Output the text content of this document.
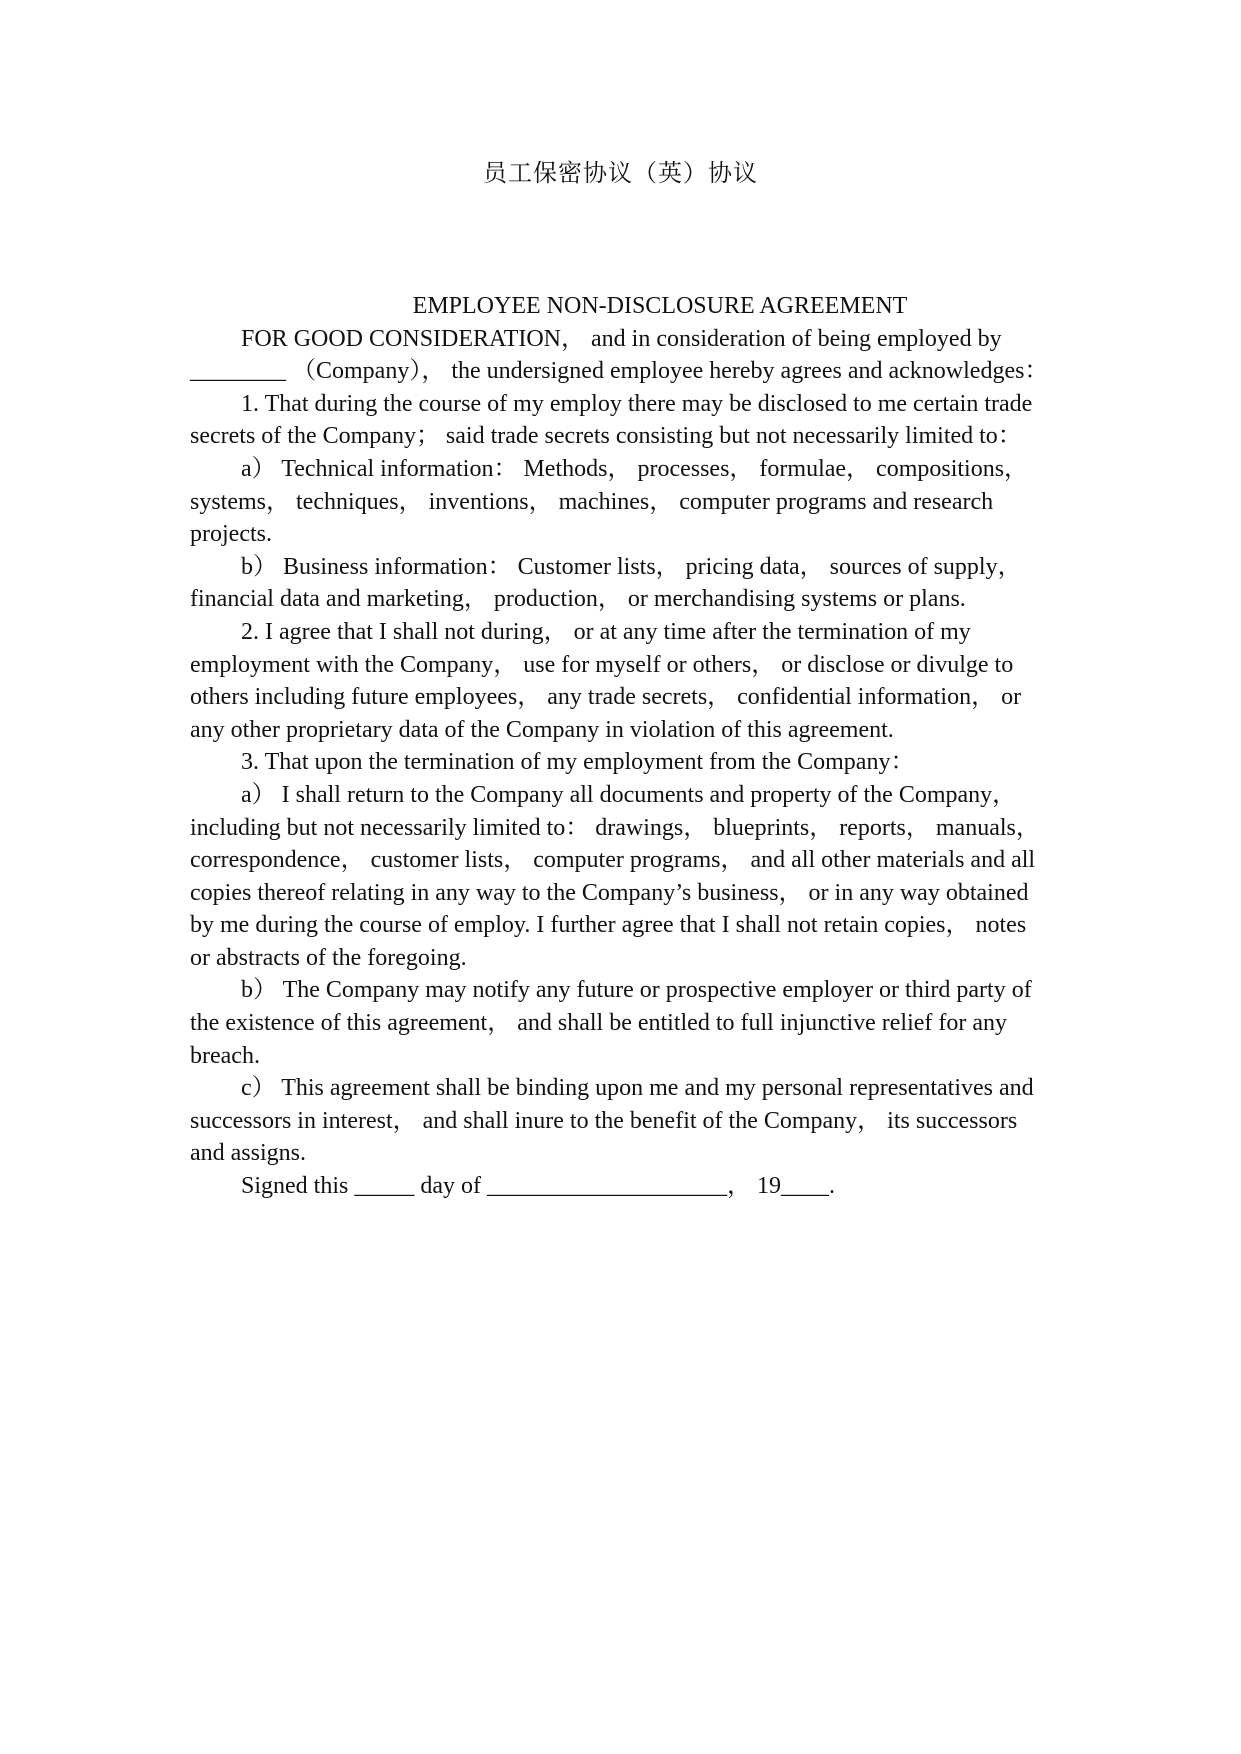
员工保密协议（英）协议
EMPLOYEE NON-DISCLOSURE AGREEMENT

FOR GOOD CONSIDERATION， and in consideration of being employed by ________ （Company）， the undersigned employee hereby agrees and acknowledges：

1. That during the course of my employ there may be disclosed to me certain trade secrets of the Company； said trade secrets consisting but not necessarily limited to：

a） Technical information： Methods， processes， formulae， compositions， systems， techniques， inventions， machines， computer programs and research projects.

b） Business information： Customer lists， pricing data， sources of supply， financial data and marketing， production， or merchandising systems or plans.

2. I agree that I shall not during， or at any time after the termination of my employment with the Company， use for myself or others， or disclose or divulge to others including future employees， any trade secrets， confidential information， or any other proprietary data of the Company in violation of this agreement.

3. That upon the termination of my employment from the Company：

a） I shall return to the Company all documents and property of the Company， including but not necessarily limited to： drawings， blueprints， reports， manuals， correspondence， customer lists， computer programs， and all other materials and all copies thereof relating in any way to the Company’s business， or in any way obtained by me during the course of employ. I further agree that I shall not retain copies， notes or abstracts of the foregoing.

b） The Company may notify any future or prospective employer or third party of the existence of this agreement， and shall be entitled to full injunctive relief for any breach.

c） This agreement shall be binding upon me and my personal representatives and successors in interest， and shall inure to the benefit of the Company， its successors and assigns.

Signed this _____ day of ____________________， 19____.
